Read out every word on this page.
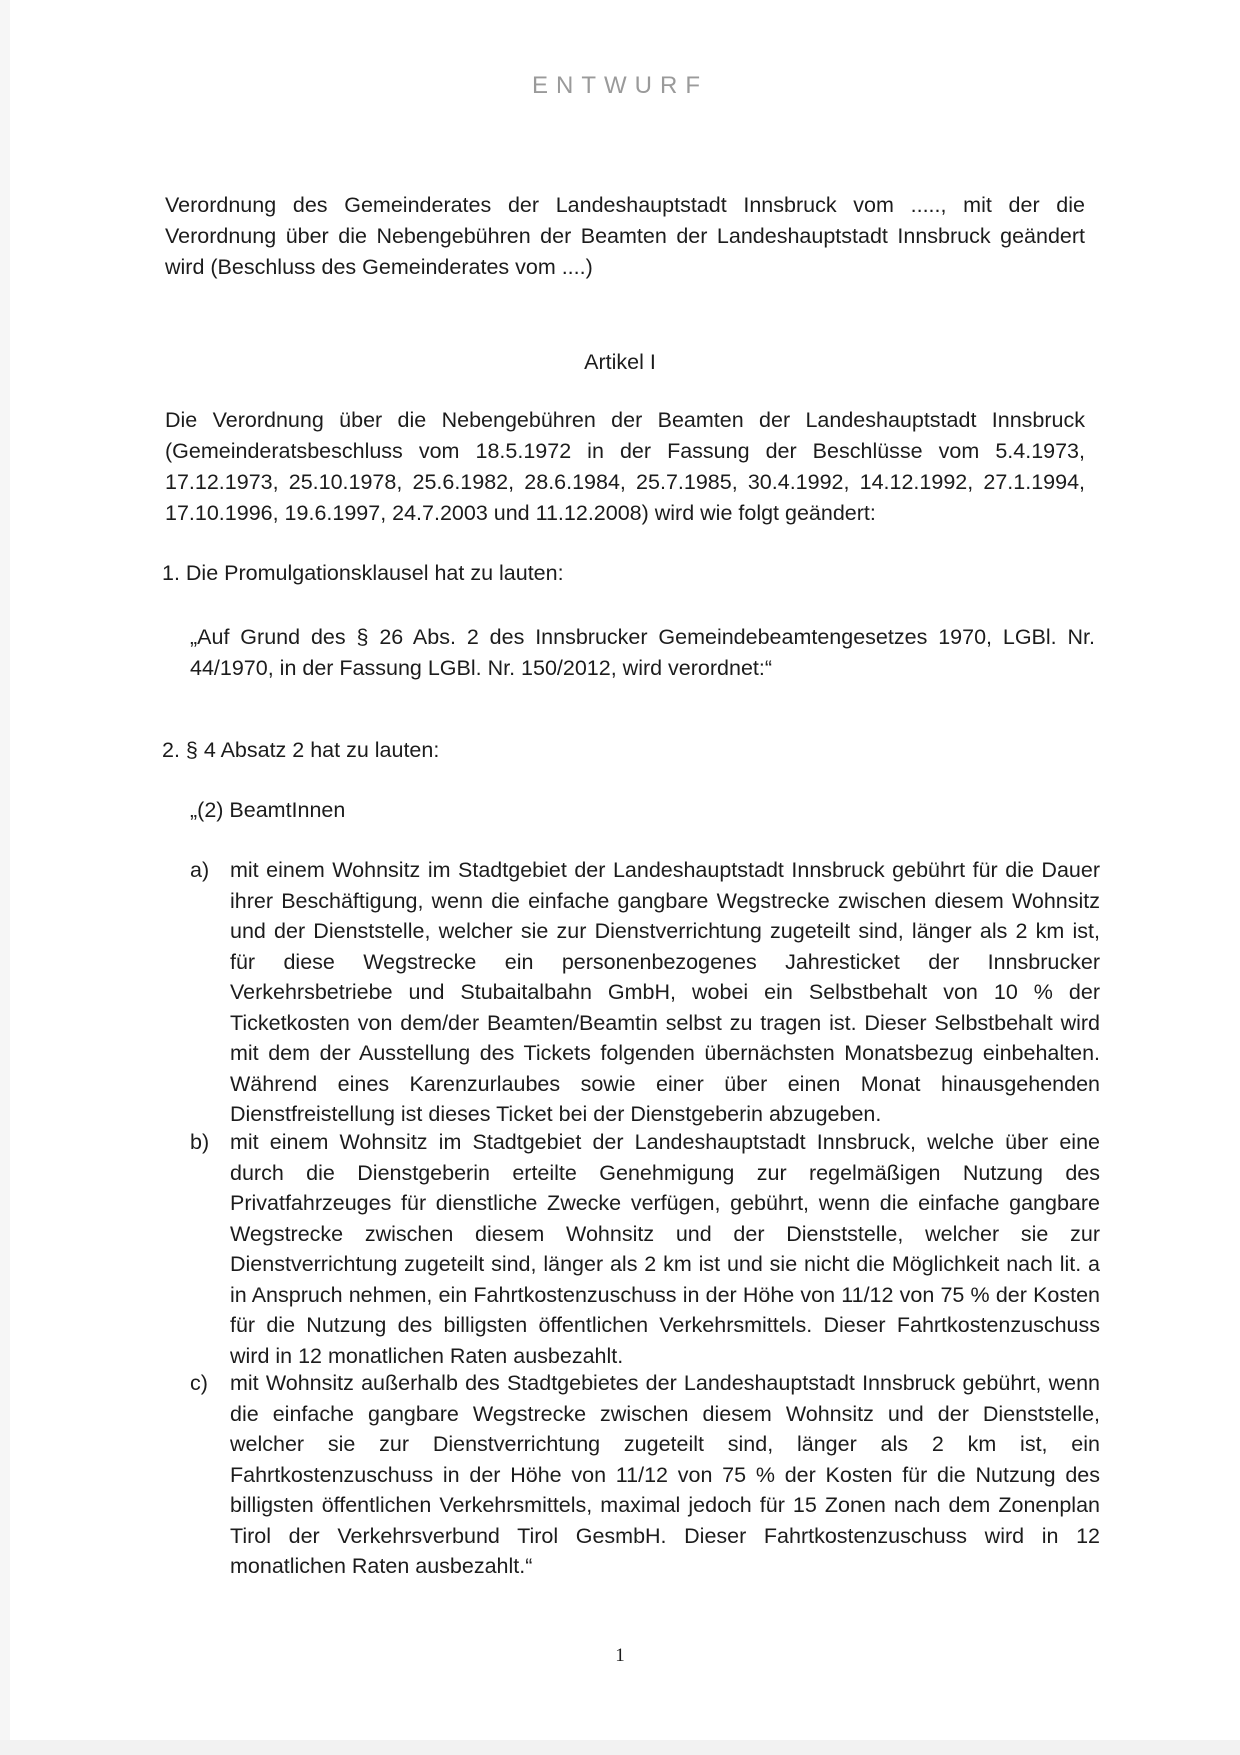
ENTWURF
Verordnung des Gemeinderates der Landeshauptstadt Innsbruck vom ....., mit der die Verordnung über die Nebengebühren der Beamten der Landeshauptstadt Innsbruck geändert wird (Beschluss des Gemeinderates vom ....)
Artikel I
Die Verordnung über die Nebengebühren der Beamten der Landeshauptstadt Innsbruck (Gemeinderatsbeschluss vom 18.5.1972 in der Fassung der Beschlüsse vom 5.4.1973, 17.12.1973, 25.10.1978, 25.6.1982, 28.6.1984, 25.7.1985, 30.4.1992, 14.12.1992, 27.1.1994, 17.10.1996, 19.6.1997, 24.7.2003 und 11.12.2008) wird wie folgt geändert:
1. Die Promulgationsklausel hat zu lauten:
„Auf Grund des § 26 Abs. 2 des Innsbrucker Gemeindebeamtengesetzes 1970, LGBl. Nr. 44/1970, in der Fassung LGBl. Nr. 150/2012, wird verordnet:“
2. § 4 Absatz 2 hat zu lauten:
„(2) BeamtInnen
a) mit einem Wohnsitz im Stadtgebiet der Landeshauptstadt Innsbruck gebührt für die Dauer ihrer Beschäftigung, wenn die einfache gangbare Wegstrecke zwischen diesem Wohnsitz und der Dienststelle, welcher sie zur Dienstverrichtung zugeteilt sind, länger als 2 km ist, für diese Wegstrecke ein personenbezogenes Jahresticket der Innsbrucker Verkehrsbetriebe und Stubaitalbahn GmbH, wobei ein Selbstbehalt von 10 % der Ticketkosten von dem/der Beamten/Beamtin selbst zu tragen ist. Dieser Selbstbehalt wird mit dem der Ausstellung des Tickets folgenden übernächsten Monatsbezug einbehalten. Während eines Karenzurlaubes sowie einer über einen Monat hinausgehenden Dienstfreistellung ist dieses Ticket bei der Dienstgeberin abzugeben.
b) mit einem Wohnsitz im Stadtgebiet der Landeshauptstadt Innsbruck, welche über eine durch die Dienstgeberin erteilte Genehmigung zur regelmäßigen Nutzung des Privatfahrzeuges für dienstliche Zwecke verfügen, gebührt, wenn die einfache gangbare Wegstrecke zwischen diesem Wohnsitz und der Dienststelle, welcher sie zur Dienstverrichtung zugeteilt sind, länger als 2 km ist und sie nicht die Möglichkeit nach lit. a in Anspruch nehmen, ein Fahrtkostenzuschuss in der Höhe von 11/12 von 75 % der Kosten für die Nutzung des billigsten öffentlichen Verkehrsmittels. Dieser Fahrtkostenzuschuss wird in 12 monatlichen Raten ausbezahlt.
c)	mit Wohnsitz außerhalb des Stadtgebietes der Landeshauptstadt Innsbruck gebührt, wenn die einfache gangbare Wegstrecke zwischen diesem Wohnsitz und der Dienststelle, welcher sie zur Dienstverrichtung zugeteilt sind, länger als 2 km ist, ein Fahrtkostenzuschuss in der Höhe von 11/12 von 75 % der Kosten für die Nutzung des billigsten öffentlichen Verkehrsmittels, maximal jedoch für 15 Zonen nach dem Zonenplan Tirol der Verkehrsverbund Tirol GesmbH. Dieser Fahrtkostenzuschuss wird in 12 monatlichen Raten ausbezahlt.“
1
